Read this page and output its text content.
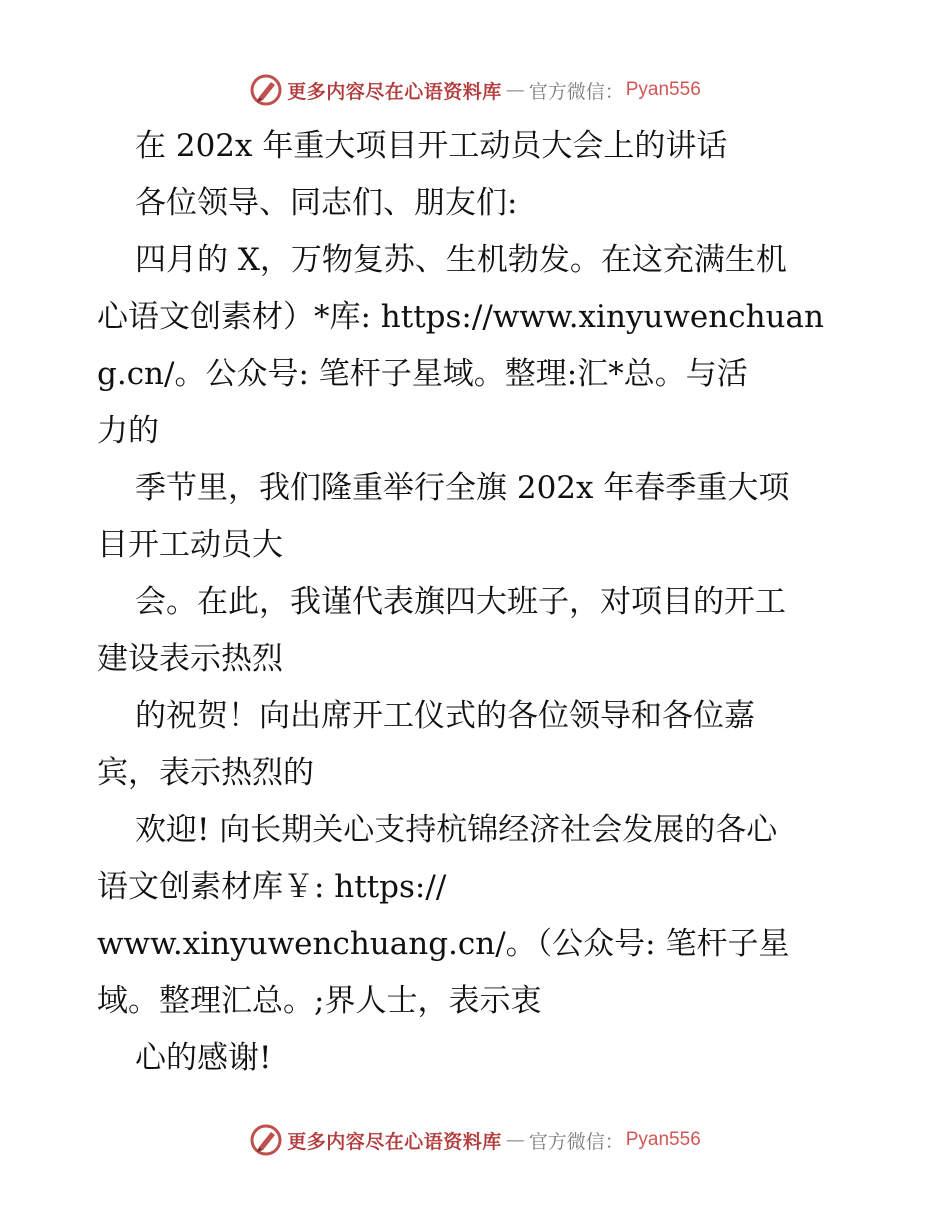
更多内容尽在心语资料库 — 官方微信： Pyan556
在 202x 年重大项目开工动员大会上的讲话
各位领导、同志们、朋友们:
四月的 X，万物复苏、生机勃发。在这充满生机
心语文创素材）*库: https://www.xinyuwenchuan
g.cn/。公众号: 笔杆子星域。整理:汇*总。与活
力的
季节里，我们隆重举行全旗 202x 年春季重大项
目开工动员大
会。在此，我谨代表旗四大班子，对项目的开工
建设表示热烈
的祝贺！向出席开工仪式的各位领导和各位嘉
宾，表示热烈的
欢迎! 向长期关心支持杭锦经济社会发展的各心
语文创素材库￥: https://
www.xinyuwenchuang.cn/。（公众号: 笔杆子星
域。整理汇总。;界人士，表示衷
心的感谢!
更多内容尽在心语资料库 — 官方微信： Pyan556
